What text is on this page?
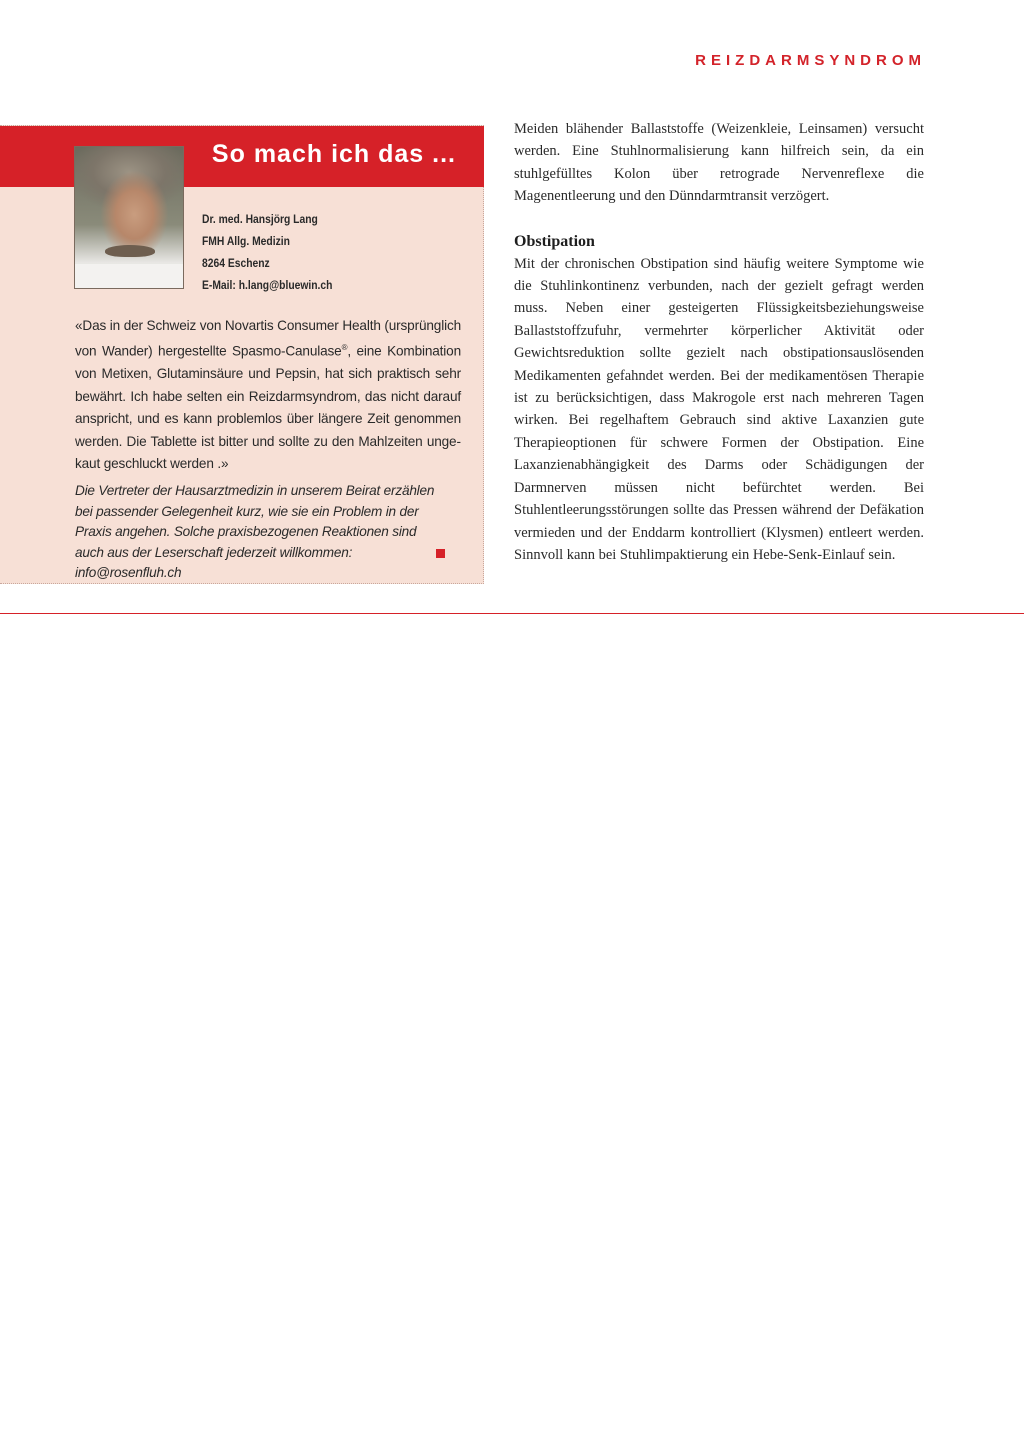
REIZDARMSYNDROM
So mach ich das ...
Dr. med. Hansjörg Lang
FMH Allg. Medizin
8264 Eschenz
E-Mail: h.lang@bluewin.ch

«Das in der Schweiz von Novartis Consumer Health (ursprünglich von Wander) hergestellte Spasmo-Canulase®, eine Kombination von Metixen, Glutaminsäure und Pepsin, hat sich praktisch sehr bewährt. Ich habe selten ein Reizdarmsyndrom, das nicht darauf anspricht, und es kann problemlos über längere Zeit genommen werden. Die Tablette ist bitter und sollte zu den Mahlzeiten ungekaut geschluckt werden .»

Die Vertreter der Hausarztmedizin in unserem Beirat erzählen bei passender Gelegenheit kurz, wie sie ein Problem in der Praxis angehen. Solche praxisbezogenen Reaktionen sind auch aus der Leserschaft jederzeit willkommen: info@rosenfluh.ch

Meiden blähender Ballaststoffe (Weizenkleie, Leinsamen) versucht werden. Eine Stuhlnormalisierung kann hilfreich sein, da ein stuhlgefülltes Kolon über retrograde Nervenreflexe die Magenentleerung und den Dünndarmtransit verzögert.

Obstipation

Mit der chronischen Obstipation sind häufig weitere Symptome wie die Stuhlinkontinenz verbunden, nach der gezielt gefragt werden muss. Neben einer gesteigerten Flüssigkeitsbeziehungsweise Ballaststoffzufuhr, vermehrter körperlicher Aktivität oder Gewichtsreduktion sollte gezielt nach obstipationsauslösenden Medikamenten gefahndet werden. Bei der medikamentösen Therapie ist zu berücksichtigen, dass Makrogole erst nach mehreren Tagen wirken. Bei regelhaftem Gebrauch sind aktive Laxanzien gute Therapieoptionen für schwere Formen der Obstipation. Eine Laxanzienabhängigkeit des Darms oder Schädigungen der Darmnerven müssen nicht befürchtet werden. Bei Stuhlentleerungsstörungen sollte das Pressen während der Defäkation vermieden und der Enddarm kontrolliert (Klysmen) entleert werden. Sinnvoll kann bei Stuhlimpaktierung ein Hebe-Senk-Einlauf sein.
